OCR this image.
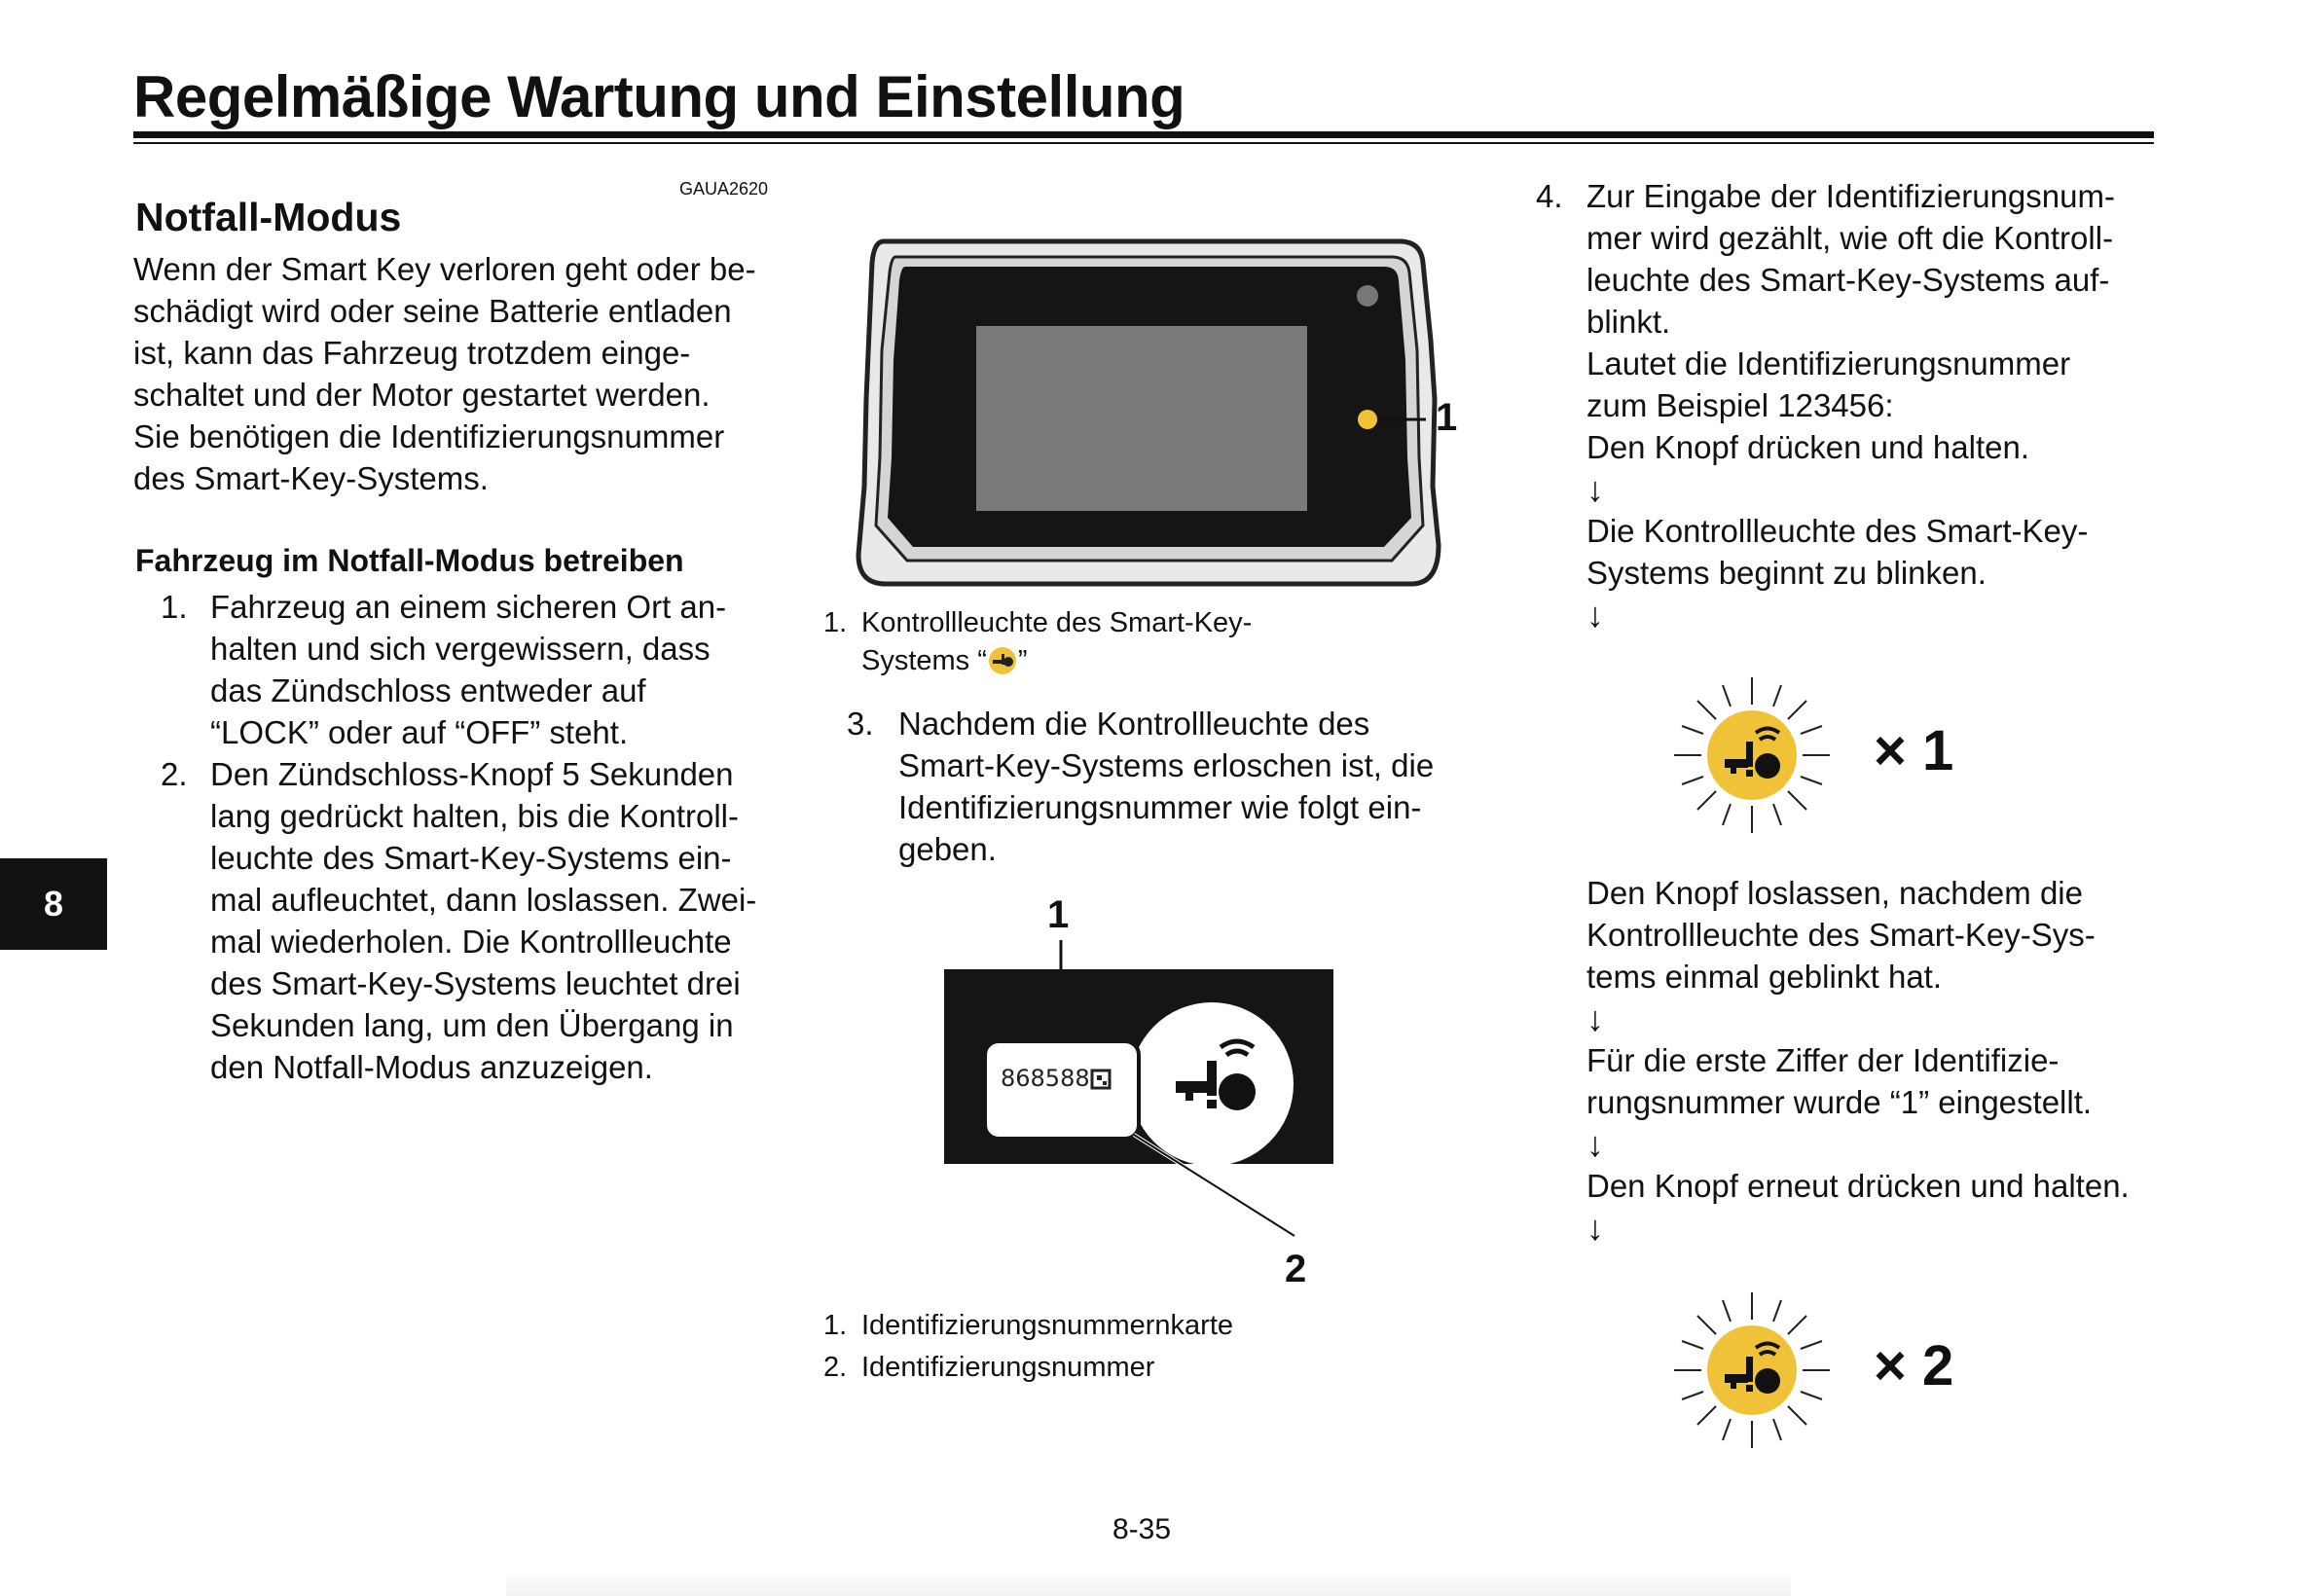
Regelmäßige Wartung und Einstellung
GAUA2620
Notfall-Modus

Wenn der Smart Key verloren geht oder be-

schädigt wird oder seine Batterie entladen

ist, kann das Fahrzeug trotzdem einge-

schaltet und der Motor gestartet werden.

Sie benötigen die Identifizierungsnummer

des Smart-Key-Systems.

Fahrzeug im Notfall-Modus betreiben
1. Fahrzeug an einem sicheren Ort an-

halten und sich vergewissern, dass

das Zündschloss entweder auf

“LOCK” oder auf “OFF” steht.

2. Den Zündschloss-Knopf 5 Sekunden

lang gedrückt halten, bis die Kontroll-

leuchte des Smart-Key-Systems ein-

mal aufleuchtet, dann loslassen. Zwei-

mal wiederholen. Die Kontrollleuchte

des Smart-Key-Systems leuchtet drei

Sekunden lang, um den Übergang in

den Notfall-Modus anzuzeigen.

8
1
1. Kontrollleuchte des Smart-Key-
Systems “ ”
3. Nachdem die Kontrollleuchte des

Smart-Key-Systems erloschen ist, die

Identifizierungsnummer wie folgt ein-

geben.

1
868588
2
1. Identifizierungsnummernkarte
2. Identifizierungsnummer
4. Zur Eingabe der Identifizierungsnum-

mer wird gezählt, wie oft die Kontroll-

leuchte des Smart-Key-Systems auf-

blinkt.

Lautet die Identifizierungsnummer

zum Beispiel 123456:

Den Knopf drücken und halten.

↓

Die Kontrollleuchte des Smart-Key-

Systems beginnt zu blinken.

↓
× 1

Den Knopf loslassen, nachdem die

Kontrollleuchte des Smart-Key-Sys-

tems einmal geblinkt hat.

↓

Für die erste Ziffer der Identifizie-

rungsnummer wurde “1” eingestellt.

↓

Den Knopf erneut drücken und halten.

↓
× 2
8-35
